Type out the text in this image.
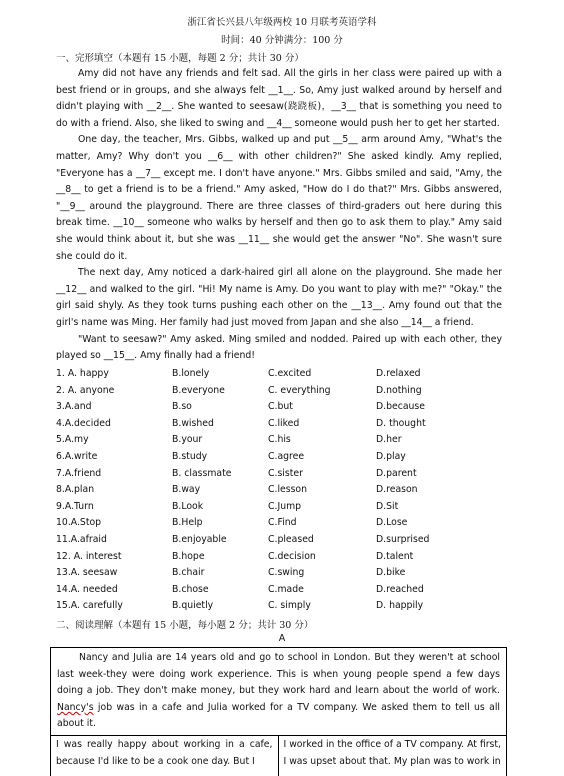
浙江省长兴县八年级两校 10 月联考英语学科
时间：40 分钟满分：100 分
一、完形填空（本题有 15 小题，每题 2 分；共计 30 分）

Amy did not have any friends and felt sad. All the girls in her class were paired up with a best friend or in groups, and she always felt __1__. So, Amy just walked around by herself and didn't playing with __2__. She wanted to seesaw(跷跷板)，__3__ that is something you need to do with a friend. Also, she liked to swing and __4__ someone would push her to get her started.

One day, the teacher, Mrs. Gibbs, walked up and put __5__ arm around Amy, "What's the matter, Amy? Why don't you __6__ with other children?" She asked kindly. Amy replied, "Everyone has a __7__ except me. I don't have anyone." Mrs. Gibbs smiled and said, "Amy, the __8__ to get a friend is to be a friend." Amy asked, "How do I do that?" Mrs. Gibbs answered, "__9__ around the playground. There are three classes of third-graders out here during this break time. __10__ someone who walks by herself and then go to ask them to play." Amy said she would think about it, but she was __11__ she would get the answer "No". She wasn't sure she could do it.

The next day, Amy noticed a dark-haired girl all alone on the playground. She made her __12__ and walked to the girl. "Hi! My name is Amy. Do you want to play with me?" "Okay." the girl said shyly. As they took turns pushing each other on the __13__. Amy found out that the girl's name was Ming. Her family had just moved from Japan and she also __14__ a friend.

"Want to seesaw?" Amy asked. Ming smiled and nodded. Paired up with each other, they played so __15__. Amy finally had a friend!

1. A. happy	B.lonely	C.excited	D.relaxed
2. A. anyone	B.everyone	C. everything	D.nothing
3.A.and	B.so	C.but	D.because
4.A.decided	B.wished	C.liked	D. thought
5.A.my	B.your	C.his	D.her
6.A.write	B.study	C.agree	D.play
7.A.friend	B. classmate	C.sister	D.parent
8.A.plan	B.way	C.lesson	D.reason
9.A.Turn	B.Look	C.Jump	D.Sit
10.A.Stop	B.Help	C.Find	D.Lose
11.A.afraid	B.enjoyable	C.pleased	D.surprised
12. A. interest	B.hope	C.decision	D.talent
13.A. seesaw	B.chair	C.swing	D.bike
14.A. needed	B.chose	C.made	D.reached
15.A. carefully	B.quietly	C. simply	D. happily
二、阅读理解（本题有 15 小题，每小题 2 分；共计 30 分）
A
Nancy and Julia are 14 years old and go to school in London. But they weren't at school last week-they were doing work experience. This is when young people spend a few days doing a job. They don't make money, but they work hard and learn about the world of work. Nancy's job was in a cafe and Julia worked for a TV company. We asked them to tell us all about it.
I was really happy about working in a cafe, because I'd like to be a cook one day. But I
I worked in the office of a TV company. At first, I was upset about that. My plan was to work in
